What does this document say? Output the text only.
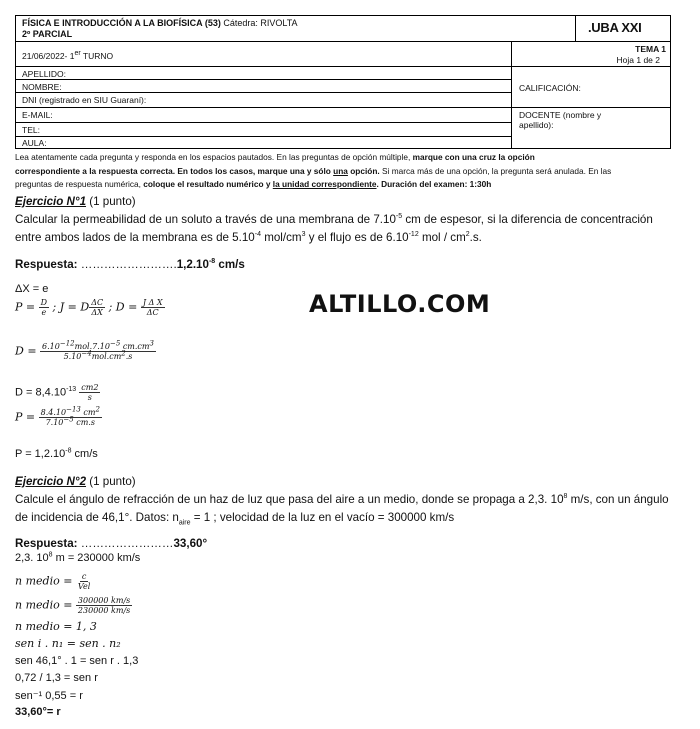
FÍSICA E INTRODUCCIÓN A LA BIOFÍSICA (53) Cátedra: RIVOLTA
2º PARCIAL	.UBA XXI
21/06/2022- 1er TURNO
TEMA 1
Hoja 1 de 2
APELLIDO:
NOMBRE:
DNI (registrado en SIU Guaraní):
CALIFICACIÓN:
E-MAIL:
TEL:
AULA:
DOCENTE (nombre y apellido):
Lea atentamente cada pregunta y responda en los espacios pautados. En las preguntas de opción múltiple, marque con una cruz la opción
correspondiente a la respuesta correcta. En todos los casos, marque una y sólo una opción. Si marca más de una opción, la pregunta será anulada. En las
preguntas de respuesta numérica, coloque el resultado numérico y la unidad correspondiente. Duración del examen: 1:30h
Ejercicio N°1 (1 punto)
Calcular la permeabilidad de un soluto a través de una membrana de $7.10^{-5}$ cm de espesor, si la diferencia de concentración
entre ambos lados de la membrana es de $5.10^{-4}$ mol/$cm^3$ y el flujo es de $6.10^{-12}$ mol / $cm^2.s$.
Respuesta: $\dots\dots\dots\dots\dots\dots\dots\dots.1,2.10^{-8}$ cm/s
ΔX = e
$P = \frac{D}{e}$ ; J = D $\frac{\Delta C}{\Delta X}$ ; $D = \frac{\text{J Δ X}}{\Delta C}$
$D = \frac{6.10^{-12}mol.7.10^{-5} cm.cm^3}{5.10^{-4}mol.cm^2.s}$
$D = 8,4.10^{-13} \frac{cm2}{s}$
$P = \frac{8.4.10^{-13} cm^2}{7.10^{-5} cm.s}$
$P = 1,2.10^{-8}$ cm/s
ALTILLO.COM
Ejercicio N°2 (1 punto)
Calcule el ángulo de refracción de un haz de luz que pasa del aire a un medio, donde se propaga a 2,3. $10^8$ m/s, con un ángulo
de incidencia de 46,1°. Datos: $n_{aire} = 1$ ; velocidad de la luz en el vacío = 300000 km/s
Respuesta: ……………………33,60°
2,3. $10^8$ m = 230000 km/s
n medio = $\frac{c}{\text{Vel}}$
n medio = $\frac{300000 km/s}{230000 km/s}$
n medio = 1, 3
sen i . n₁ = sen . n₂
sen 46,1° . 1 = sen r . 1,3
0,72 / 1,3 = sen r
sen⁻¹ 0,55 = r
33,60°= r
